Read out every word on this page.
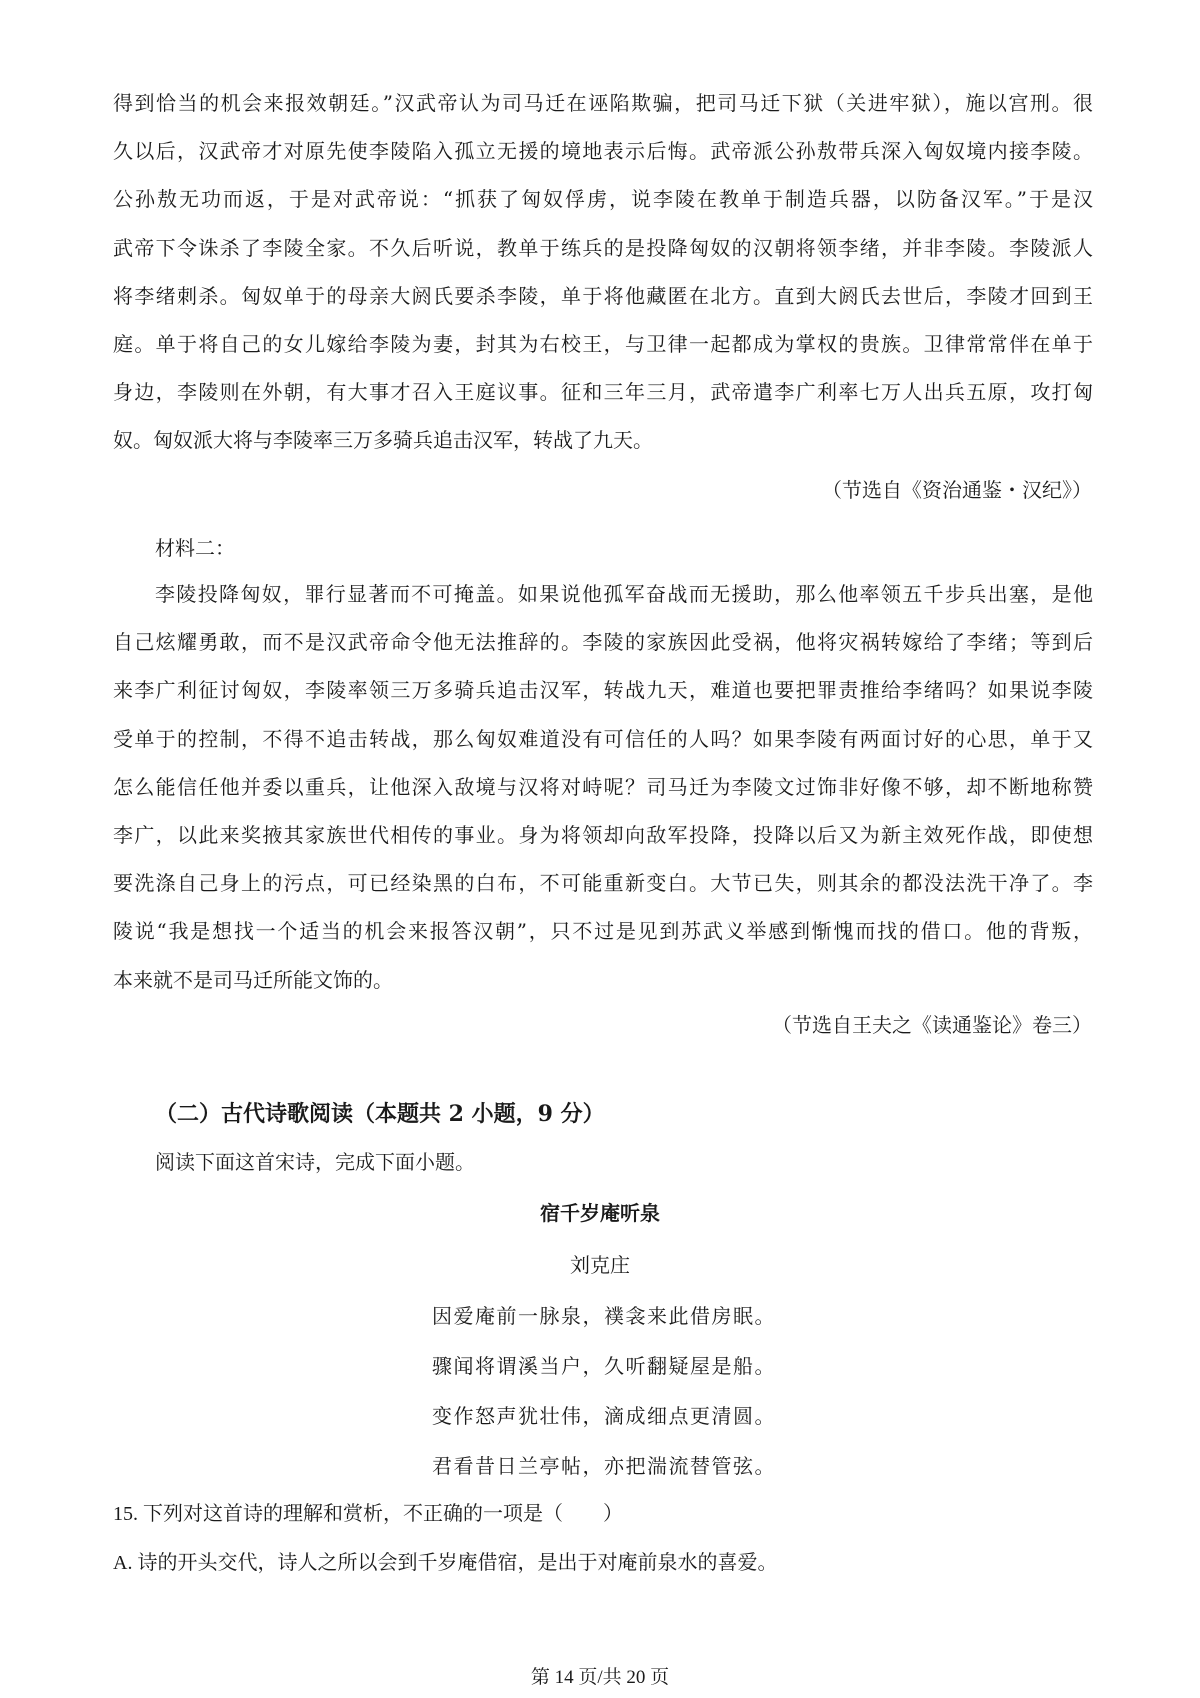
得到恰当的机会来报效朝廷。”汉武帝认为司马迁在诬陷欺骗，把司马迁下狱（关进牢狱），施以宫刑。很
久以后，汉武帝才对原先使李陵陷入孤立无援的境地表示后悔。武帝派公孙敖带兵深入匈奴境内接李陵。
公孙敖无功而返，于是对武帝说：“抓获了匈奴俘虏，说李陵在教单于制造兵器，以防备汉军。”于是汉
武帝下令诛杀了李陵全家。不久后听说，教单于练兵的是投降匈奴的汉朝将领李绪，并非李陵。李陵派人
将李绪刺杀。匈奴单于的母亲大阏氏要杀李陵，单于将他藏匿在北方。直到大阏氏去世后，李陵才回到王
庭。单于将自己的女儿嫁给李陵为妻，封其为右校王，与卫律一起都成为掌权的贵族。卫律常常伴在单于
身边，李陵则在外朝，有大事才召入王庭议事。征和三年三月，武帝遣李广利率七万人出兵五原，攻打匈
奴。匈奴派大将与李陵率三万多骑兵追击汉军，转战了九天。

（节选自《资治通鉴・汉纪》）

材料二：

李陵投降匈奴，罪行显著而不可掩盖。如果说他孤军奋战而无援助，那么他率领五千步兵出塞，是他
自己炫耀勇敢，而不是汉武帝命令他无法推辞的。李陵的家族因此受祸，他将灾祸转嫁给了李绪；等到后
来李广利征讨匈奴，李陵率领三万多骑兵追击汉军，转战九天，难道也要把罪责推给李绪吗？如果说李陵
受单于的控制，不得不追击转战，那么匈奴难道没有可信任的人吗？如果李陵有两面讨好的心思，单于又
怎么能信任他并委以重兵，让他深入敌境与汉将对峙呢？司马迁为李陵文过饰非好像不够，却不断地称赞
李广，以此来奖掖其家族世代相传的事业。身为将领却向敌军投降，投降以后又为新主效死作战，即使想
要洗涤自己身上的污点，可已经染黑的白布，不可能重新变白。大节已失，则其余的都没法洗干净了。李
陵说“我是想找一个适当的机会来报答汉朝”，只不过是见到苏武义举感到惭愧而找的借口。他的背叛，
本来就不是司马迁所能文饰的。

（节选自王夫之《读通鉴论》卷三）

（二）古代诗歌阅读（本题共 2 小题，9 分）

阅读下面这首宋诗，完成下面小题。

宿千岁庵听泉

刘克庄

因爱庵前一脉泉，襆衾来此借房眠。

骤闻将谓溪当户，久听翻疑屋是船。

变作怒声犹壮伟，滴成细点更清圆。

君看昔日兰亭帖，亦把湍流替管弦。

15. 下列对这首诗的理解和赏析，不正确的一项是（　　）

A. 诗的开头交代，诗人之所以会到千岁庵借宿，是出于对庵前泉水的喜爱。

第 14 页/共 20 页
